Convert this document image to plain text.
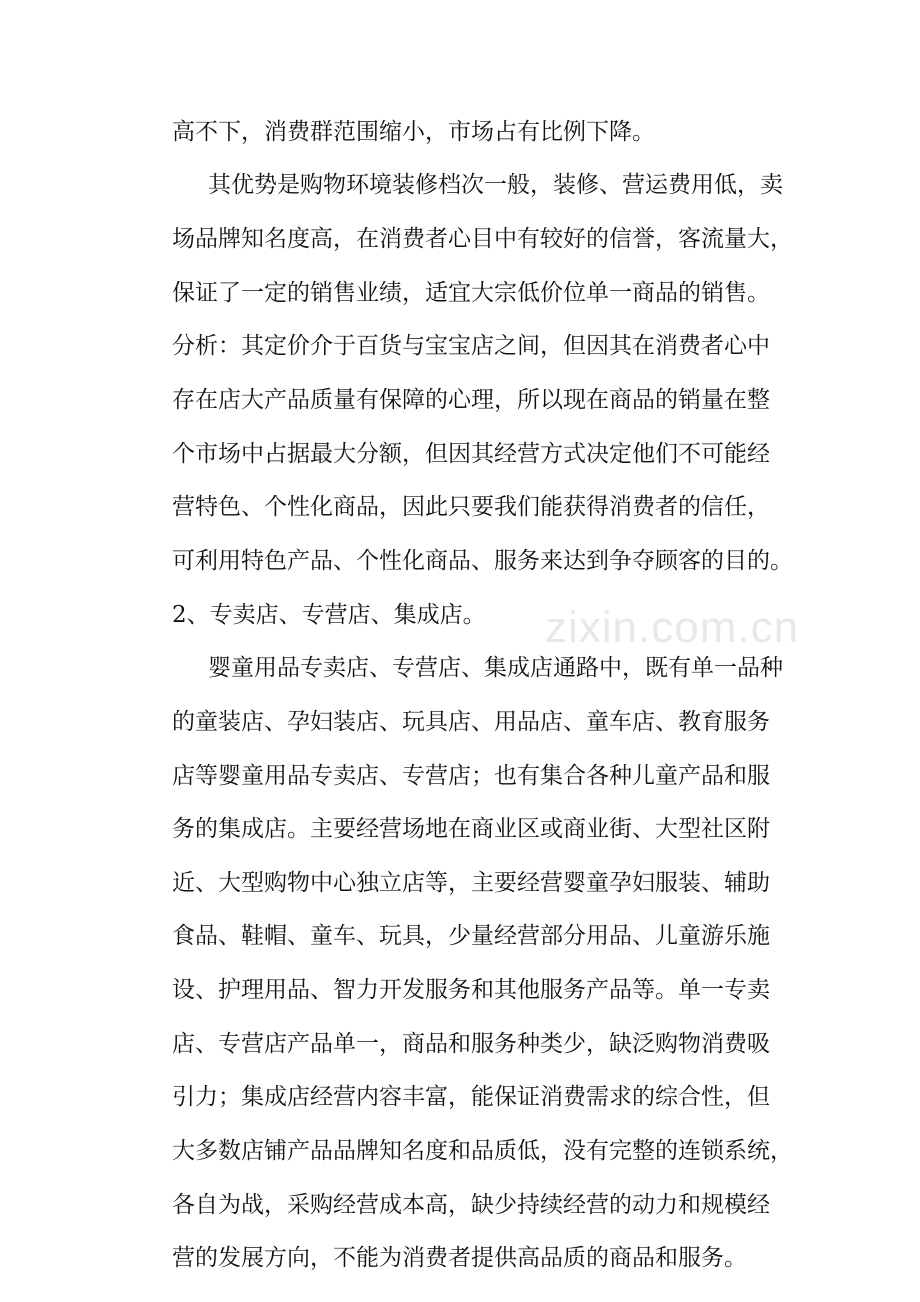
高不下，消费群范围缩小，市场占有比例下降。

其优势是购物环境装修档次一般，装修、营运费用低，卖

场品牌知名度高，在消费者心目中有较好的信誉，客流量大，

保证了一定的销售业绩，适宜大宗低价位单一商品的销售。

分析：其定价介于百货与宝宝店之间，但因其在消费者心中

存在店大产品质量有保障的心理，所以现在商品的销量在整

个市场中占据最大分额，但因其经营方式决定他们不可能经

营特色、个性化商品，因此只要我们能获得消费者的信任，

可利用特色产品、个性化商品、服务来达到争夺顾客的目的。

2、专卖店、专营店、集成店。

婴童用品专卖店、专营店、集成店通路中，既有单一品种

的童装店、孕妇装店、玩具店、用品店、童车店、教育服务

店等婴童用品专卖店、专营店；也有集合各种儿童产品和服

务的集成店。主要经营场地在商业区或商业街、大型社区附

近、大型购物中心独立店等，主要经营婴童孕妇服装、辅助

食品、鞋帽、童车、玩具，少量经营部分用品、儿童游乐施

设、护理用品、智力开发服务和其他服务产品等。单一专卖

店、专营店产品单一，商品和服务种类少，缺泛购物消费吸

引力；集成店经营内容丰富，能保证消费需求的综合性，但

大多数店铺产品品牌知名度和品质低，没有完整的连锁系统，

各自为战，采购经营成本高，缺少持续经营的动力和规模经

营的发展方向，不能为消费者提供高品质的商品和服务。

zixin.com.cn
